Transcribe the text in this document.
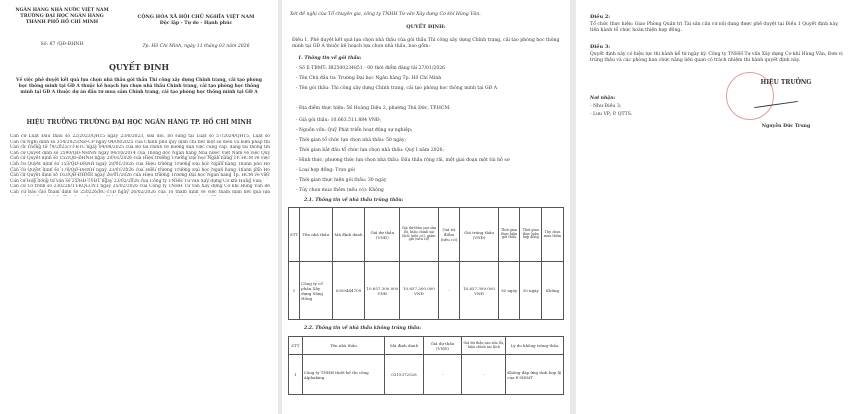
NGÂN HÀNG NHÀ NƯỚC VIỆT NAM
TRƯỜNG ĐẠI HỌC NGÂN HÀNG
THÀNH PHỐ HỒ CHÍ MINH
Số: 87 /QĐ-ĐHNH
CỘNG HÒA XÃ HỘI CHỦ NGHĨA VIỆT NAM
Độc lập - Tự do - Hạnh phúc
Tp. Hồ Chí Minh, ngày 11 tháng 03 năm 2026
QUYẾT ĐỊNH
Về việc phê duyệt kết quả lựa chọn nhà thầu gói thầu Thi công xây dựng Chỉnh trang, cải tạo phòng học thông minh tại GĐ A thuộc kế hoạch lựa chọn nhà thầu Chỉnh trang, cải tạo phòng học thông minh tại GĐ A thuộc dự án đầu tư mua sắm Chỉnh trang, cải tạo phòng học thông minh tại GĐ A
HIỆU TRƯỞNG TRƯỜNG ĐẠI HỌC NGÂN HÀNG TP. HỒ CHÍ MINH
Căn cứ Luật Đấu thầu số 22/2023/QH15 ngày 23/6/2023, sửa đổi, bổ sung tại Luật số 57/2024/QH15, Luật số
Căn cứ Nghị định số 214/2025/NĐ-CP ngày 04/08/2025 của Chính phủ quy định chi tiết một số điều và biện pháp thi
Căn cứ Thông tư 79/2025/TT-BTC ngày 04/08/2025 của Bộ tài chính về hướng dẫn việc cung cấp, đăng tải thông tin
Căn cứ Quyết định số 2590/QĐ-NHNN ngày 04/10/2014 của Thống đốc Ngân hàng Nhà nước Việt Nam về việc Quy
Căn cứ Quyết định số 152/QĐ-ĐHNH ngày 20/01/2026 của Hiệu trưởng Trường Đại học Ngân hàng TP. HCM về việc
Căn cứ Quyết định số 153/QĐ-ĐHNH ngày 20/01/2026 của Hiệu trưởng Trường Đại học Ngân hàng Thành phố Hồ
Căn cứ Quyết định số 178/QĐ-ĐHNH ngày 23/01/2026 của Hiệu trưởng Trường Đại học Ngân hàng Thành phố Hồ
Căn cứ Quyết định số 163/QĐ-ĐHNH ngày 26/01/2026 của Hiệu trưởng Trường Đại học Ngân hàng Tp. HCM về việc
Căn cứ Hợp đồng tư vấn số 25/HĐ-TVĐT ngày 23/02/2026 của Công ty TNHH Tư vấn Xây dựng Cơ khí Hùng Văn;
Căn cứ Tờ trình số 230226/TT-KQLCNT ngày 25/02/2026 của Công ty TNHH Tư vấn Xây dựng Cơ khí Hùng Văn đề
Căn cứ Báo cáo thẩm định số 250226/BC-TTĐ ngày 26/02/2026 của Tổ thẩm định về việc thẩm định kết quả lựa
Xét đề nghị của Tổ chuyên gia, công ty TNHH Tư vấn Xây dựng Cơ khí Hùng Văn.
QUYẾT ĐỊNH:
Điều 1. Phê duyệt kết quả lựa chọn nhà thầu của gói thầu Thi công xây dựng Chỉnh trang, cải tạo phòng học thông minh tại GĐ A thuộc kế hoạch lựa chọn nhà thầu, bao gồm:
1. Thông tin về gói thầu:
- Số E-TBMT: IB2500234851 - 00 thời điểm đăng tải 27/01/2026
- Tên Chủ đầu tư: Trường Đại học Ngân hàng Tp. Hồ Chí Minh
- Tên gói thầu: Thi công xây dựng Chỉnh trang, cải tạo phòng học thông minh tại GĐ A
- Địa điểm thực hiện: 56 Hoàng Diệu 2, phường Thủ Đức, TP.HCM.
- Giá gói thầu: 10.663.511.884 VNĐ;
- Nguồn vốn: Quỹ Phát triển hoạt động sự nghiệp;
- Thời gian tổ chức lựa chọn nhà thầu: 50 ngày;
- Thời gian bắt đầu tổ chức lựa chọn nhà thầu: Quý I năm 2026;
- Hình thức, phương thức lựa chọn nhà thầu: Đấu thầu rộng rãi, một giai đoạn một túi hồ sơ
- Loại hợp đồng: Trọn gói
- Thời gian thực hiện gói thầu: 30 ngày
- Tùy chọn mua thêm (nếu có): Không
2.1. Thông tin về nhà thầu trúng thầu:
STT	Tên nhà thầu	Mã định danh	Giá dự thầu (VNĐ)	Giá dự thầu sau sửa lỗi, hiệu chỉnh sai lệch (nếu có), giảm giá (nếu có)	Giá trị điểm (nếu có)	Giá trúng thầu (VNĐ)	Thời gian thực hiện gói thầu	Thời gian thực hiện hợp đồng	Tùy chọn mua thêm
1	Công ty cổ phần Xây dựng Sông Hồng	0309444709	10.657.300.000 VNĐ	10.657.300.000 VNĐ	-	10.657.300.000 VNĐ	30 ngày	30 ngày	Không
2.2. Thông tin về nhà thầu không trúng thầu:
STT	Tên nhà thầu	Mã định danh	Giá dự thầu (VNĐ)	Giá dự thầu sau sửa lỗi, hiệu chỉnh sai lệch	Lý do không trúng thầu
1	Công ty TNHH thiết kế thi công Alphaking	0315372528	-	-	Không đáp ứng tính hợp lệ của E-HSMT
Điều 2:
Tổ chức thực hiện: Giao Phòng Quản trị Tài sản căn cứ nội dung được phê duyệt tại Điều 1 Quyết định này, tiến hành tổ chức hoàn thiện hợp đồng.
Điều 3:
Quyết định này có hiệu lực thi hành kể từ ngày ký. Công ty TNHH Tư vấn Xây dựng Cơ khí Hùng Văn, Đơn vị trúng thầu và các phòng ban chức năng liên quan có trách nhiệm thi hành quyết định này.
HIỆU TRƯỞNG
Nơi nhận:
- Như Điều 3;
- Lưu VP; P. QTTS.
Nguyễn Đức Trung
